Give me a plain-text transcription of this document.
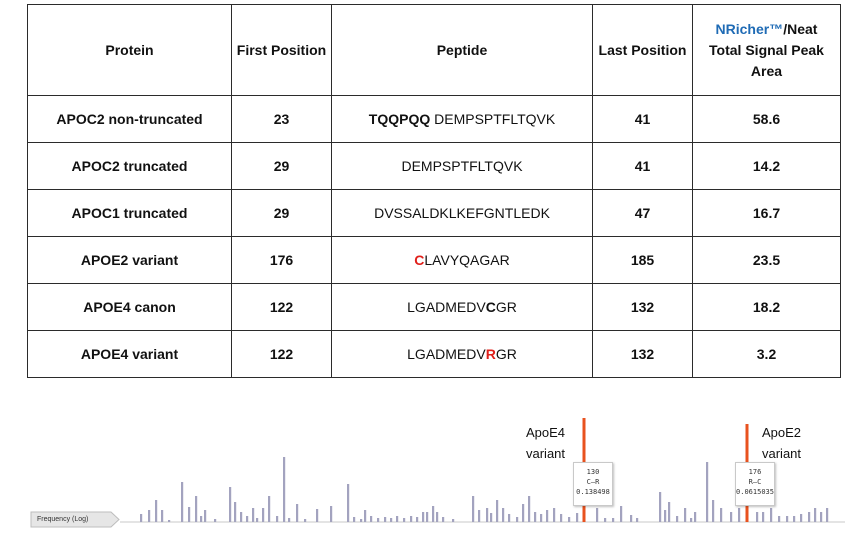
Protein	First Position	Peptide	Last Position	NRicher™/Neat
Total Signal Peak
Area
APOC2 non-truncated	23	TQQPQQ DEMPSPTFLTQVK	41	58.6
APOC2 truncated	29	DEMPSPTFLTQVK	41	14.2
APOC1 truncated	29	DVSSALDKLKEFGNTLEDK	47	16.7
APOE2 variant	176	CLAVYQAGAR	185	23.5
APOE4 canon	122	LGADMEDVCGR	132	18.2
APOE4 variant	122	LGADMEDVRGR	132	3.2
Frequency (Log)
ApoE4
variant
ApoE2
variant
130
C—R
0.138498
176
R—C
0.0615035
